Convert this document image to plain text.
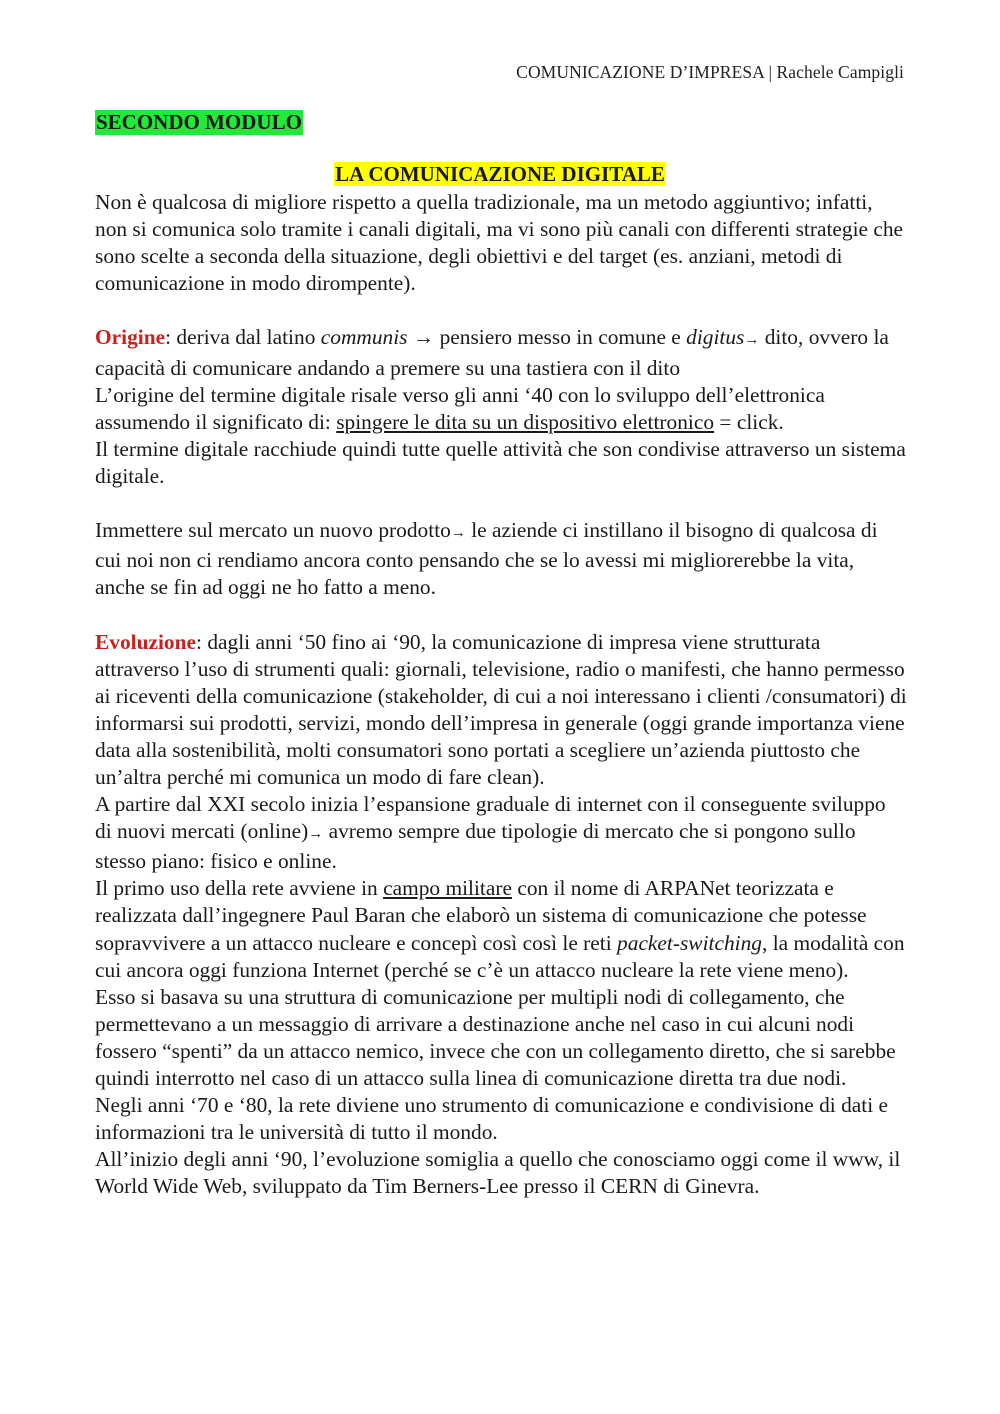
COMUNICAZIONE D’IMPRESA | Rachele Campigli
SECONDO MODULO
LA COMUNICAZIONE DIGITALE

Non è qualcosa di migliore rispetto a quella tradizionale, ma un metodo aggiuntivo; infatti, non si comunica solo tramite i canali digitali, ma vi sono più canali con differenti strategie che sono scelte a seconda della situazione, degli obiettivi e del target (es. anziani, metodi di comunicazione in modo dirompente).

Origine: deriva dal latino communis → pensiero messo in comune e digitus→ dito, ovvero la capacità di comunicare andando a premere su una tastiera con il dito

L’origine del termine digitale risale verso gli anni ‘40 con lo sviluppo dell’elettronica assumendo il significato di: spingere le dita su un dispositivo elettronico = click.

Il termine digitale racchiude quindi tutte quelle attività che son condivise attraverso un sistema digitale.

Immettere sul mercato un nuovo prodotto→ le aziende ci instillano il bisogno di qualcosa di cui noi non ci rendiamo ancora conto pensando che se lo avessi mi migliorerebbe la vita, anche se fin ad oggi ne ho fatto a meno.

Evoluzione: dagli anni ‘50 fino ai ‘90, la comunicazione di impresa viene strutturata attraverso l’uso di strumenti quali: giornali, televisione, radio o manifesti, che hanno permesso ai riceventi della comunicazione (stakeholder, di cui a noi interessano i clienti /consumatori) di informarsi sui prodotti, servizi, mondo dell’impresa in generale (oggi grande importanza viene data alla sostenibilità, molti consumatori sono portati a scegliere un’azienda piuttosto che un’altra perché mi comunica un modo di fare clean).

A partire dal XXI secolo inizia l’espansione graduale di internet con il conseguente sviluppo di nuovi mercati (online)→ avremo sempre due tipologie di mercato che si pongono sullo stesso piano: fisico e online.

Il primo uso della rete avviene in campo militare con il nome di ARPANet teorizzata e realizzata dall’ingegnere Paul Baran che elaborò un sistema di comunicazione che potesse sopravvivere a un attacco nucleare e concepì così così le reti packet-switching, la modalità con cui ancora oggi funziona Internet (perché se c’è un attacco nucleare la rete viene meno).

Esso si basava su una struttura di comunicazione per multipli nodi di collegamento, che permettevano a un messaggio di arrivare a destinazione anche nel caso in cui alcuni nodi fossero “spenti” da un attacco nemico, invece che con un collegamento diretto, che si sarebbe quindi interrotto nel caso di un attacco sulla linea di comunicazione diretta tra due nodi.

Negli anni ‘70 e ‘80, la rete diviene uno strumento di comunicazione e condivisione di dati e informazioni tra le università di tutto il mondo.

All’inizio degli anni ‘90, l’evoluzione somiglia a quello che conosciamo oggi come il www, il World Wide Web, sviluppato da Tim Berners-Lee presso il CERN di Ginevra.
